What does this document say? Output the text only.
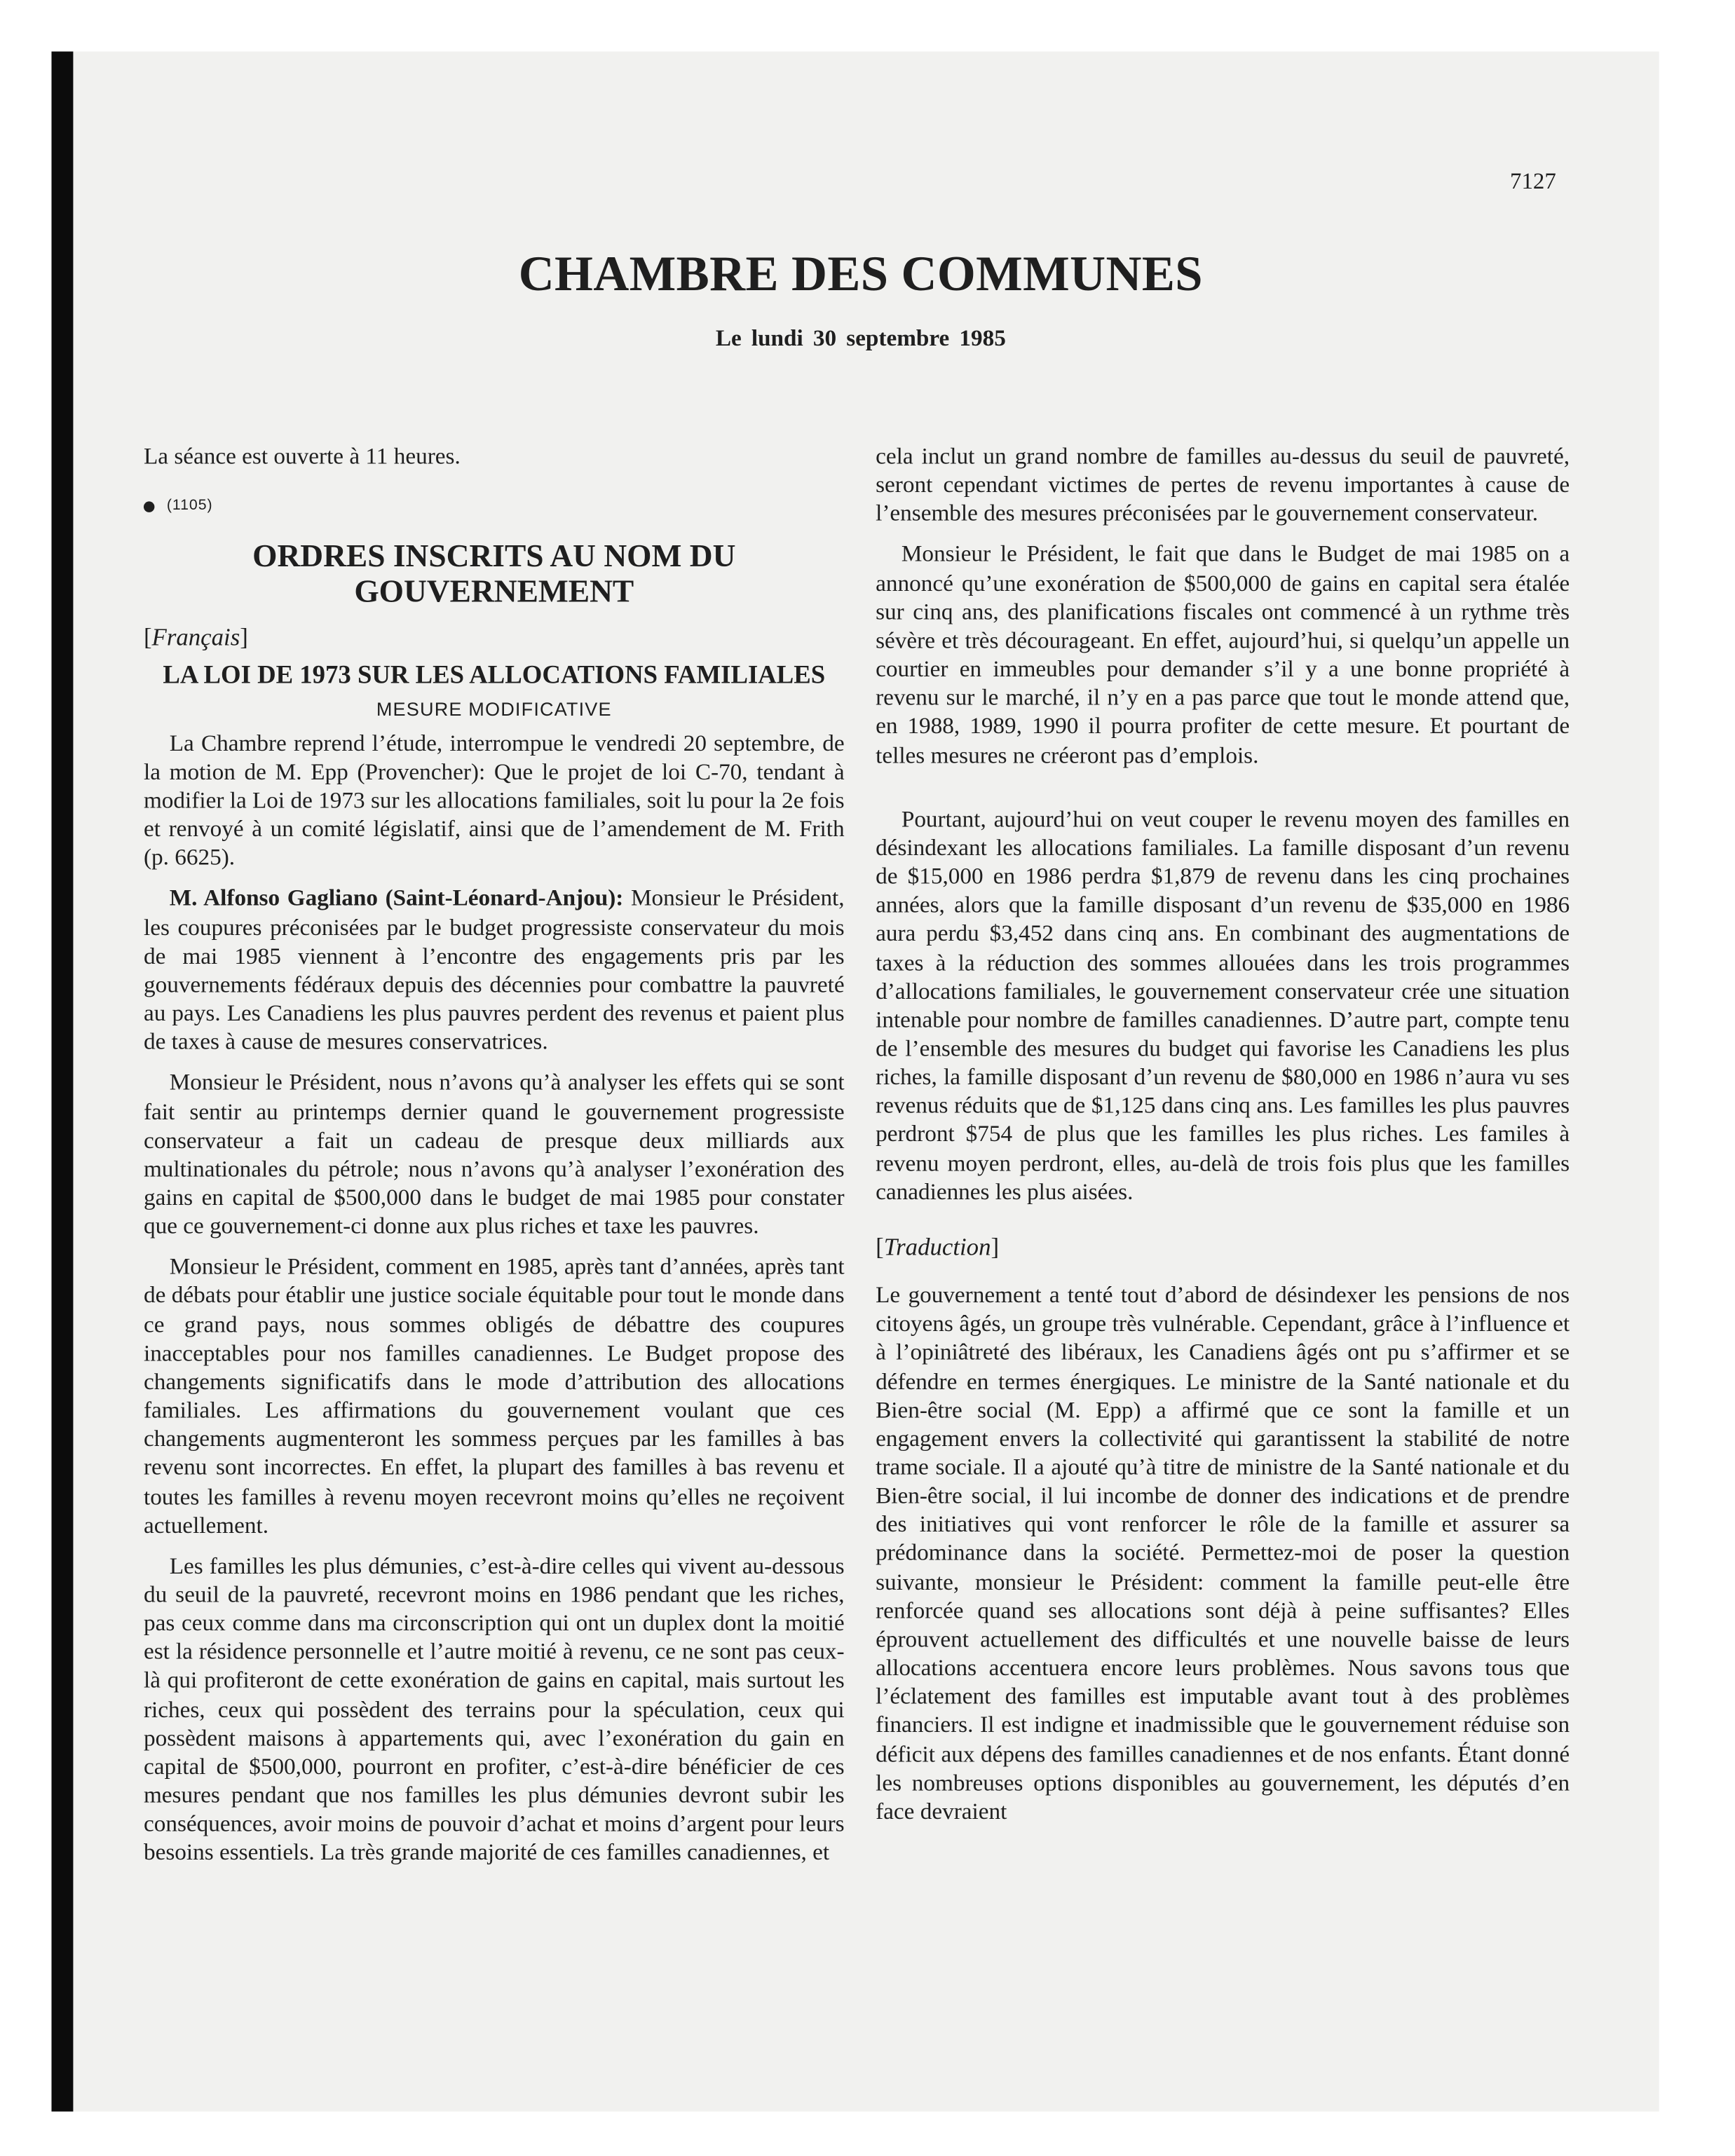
7127
CHAMBRE DES COMMUNES
Le lundi 30 septembre 1985

La séance est ouverte à 11 heures.

(1105)
ORDRES INSCRITS AU NOM DU
GOUVERNEMENT
[Français]
LA LOI DE 1973 SUR LES ALLOCATIONS FAMILIALES
MESURE MODIFICATIVE

La Chambre reprend l’étude, interrompue le vendredi 20 septembre, de la motion de M. Epp (Provencher): Que le projet de loi C-70, tendant à modifier la Loi de 1973 sur les allocations familiales, soit lu pour la 2e fois et renvoyé à un comité législatif, ainsi que de l’amendement de M. Frith (p. 6625).

M. Alfonso Gagliano (Saint-Léonard-Anjou): Monsieur le Président, les coupures préconisées par le budget progressiste conservateur du mois de mai 1985 viennent à l’encontre des engagements pris par les gouvernements fédéraux depuis des décennies pour combattre la pauvreté au pays. Les Canadiens les plus pauvres perdent des revenus et paient plus de taxes à cause de mesures conservatrices.

Monsieur le Président, nous n’avons qu’à analyser les effets qui se sont fait sentir au printemps dernier quand le gouvernement progressiste conservateur a fait un cadeau de presque deux milliards aux multinationales du pétrole; nous n’avons qu’à analyser l’exonération des gains en capital de $500,000 dans le budget de mai 1985 pour constater que ce gouvernement-ci donne aux plus riches et taxe les pauvres.

Monsieur le Président, comment en 1985, après tant d’années, après tant de débats pour établir une justice sociale équitable pour tout le monde dans ce grand pays, nous sommes obligés de débattre des coupures inacceptables pour nos familles canadiennes. Le Budget propose des changements significatifs dans le mode d’attribution des allocations familiales. Les affirmations du gouvernement voulant que ces changements augmenteront les sommess perçues par les familles à bas revenu sont incorrectes. En effet, la plupart des familles à bas revenu et toutes les familles à revenu moyen recevront moins qu’elles ne reçoivent actuellement.

Les familles les plus démunies, c’est-à-dire celles qui vivent au-dessous du seuil de la pauvreté, recevront moins en 1986 pendant que les riches, pas ceux comme dans ma circonscription qui ont un duplex dont la moitié est la résidence personnelle et l’autre moitié à revenu, ce ne sont pas ceux-là qui profiteront de cette exonération de gains en capital, mais surtout les riches, ceux qui possèdent des terrains pour la spéculation, ceux qui possèdent maisons à appartements qui, avec l’exonération du gain en capital de $500,000, pourront en profiter, c’est-à-dire bénéficier de ces mesures pendant que nos familles les plus démunies devront subir les conséquences, avoir moins de pouvoir d’achat et moins d’argent pour leurs besoins essentiels. La très grande majorité de ces familles canadiennes, et

cela inclut un grand nombre de familles au-dessus du seuil de pauvreté, seront cependant victimes de pertes de revenu importantes à cause de l’ensemble des mesures préconisées par le gouvernement conservateur.

Monsieur le Président, le fait que dans le Budget de mai 1985 on a annoncé qu’une exonération de $500,000 de gains en capital sera étalée sur cinq ans, des planifications fiscales ont commencé à un rythme très sévère et très décourageant. En effet, aujourd’hui, si quelqu’un appelle un courtier en immeubles pour demander s’il y a une bonne propriété à revenu sur le marché, il n’y en a pas parce que tout le monde attend que, en 1988, 1989, 1990 il pourra profiter de cette mesure. Et pourtant de telles mesures ne créeront pas d’emplois.

Pourtant, aujourd’hui on veut couper le revenu moyen des familles en désindexant les allocations familiales. La famille disposant d’un revenu de $15,000 en 1986 perdra $1,879 de revenu dans les cinq prochaines années, alors que la famille disposant d’un revenu de $35,000 en 1986 aura perdu $3,452 dans cinq ans. En combinant des augmentations de taxes à la réduction des sommes allouées dans les trois programmes d’allocations familiales, le gouvernement conservateur crée une situation intenable pour nombre de familles canadiennes. D’autre part, compte tenu de l’ensemble des mesures du budget qui favorise les Canadiens les plus riches, la famille disposant d’un revenu de $80,000 en 1986 n’aura vu ses revenus réduits que de $1,125 dans cinq ans. Les familles les plus pauvres perdront $754 de plus que les familles les plus riches. Les familes à revenu moyen perdront, elles, au-delà de trois fois plus que les familles canadiennes les plus aisées.

[Traduction]

Le gouvernement a tenté tout d’abord de désindexer les pensions de nos citoyens âgés, un groupe très vulnérable. Cependant, grâce à l’influence et à l’opiniâtreté des libéraux, les Canadiens âgés ont pu s’affirmer et se défendre en termes énergiques. Le ministre de la Santé nationale et du Bien-être social (M. Epp) a affirmé que ce sont la famille et un engagement envers la collectivité qui garantissent la stabilité de notre trame sociale. Il a ajouté qu’à titre de ministre de la Santé nationale et du Bien-être social, il lui incombe de donner des indications et de prendre des initiatives qui vont renforcer le rôle de la famille et assurer sa prédominance dans la société. Permettez-moi de poser la question suivante, monsieur le Président: comment la famille peut-elle être renforcée quand ses allocations sont déjà à peine suffisantes? Elles éprouvent actuellement des difficultés et une nouvelle baisse de leurs allocations accentuera encore leurs problèmes. Nous savons tous que l’éclatement des familles est imputable avant tout à des problèmes financiers. Il est indigne et inadmissible que le gouvernement réduise son déficit aux dépens des familles canadiennes et de nos enfants. Étant donné les nombreuses options disponibles au gouvernement, les députés d’en face devraient
